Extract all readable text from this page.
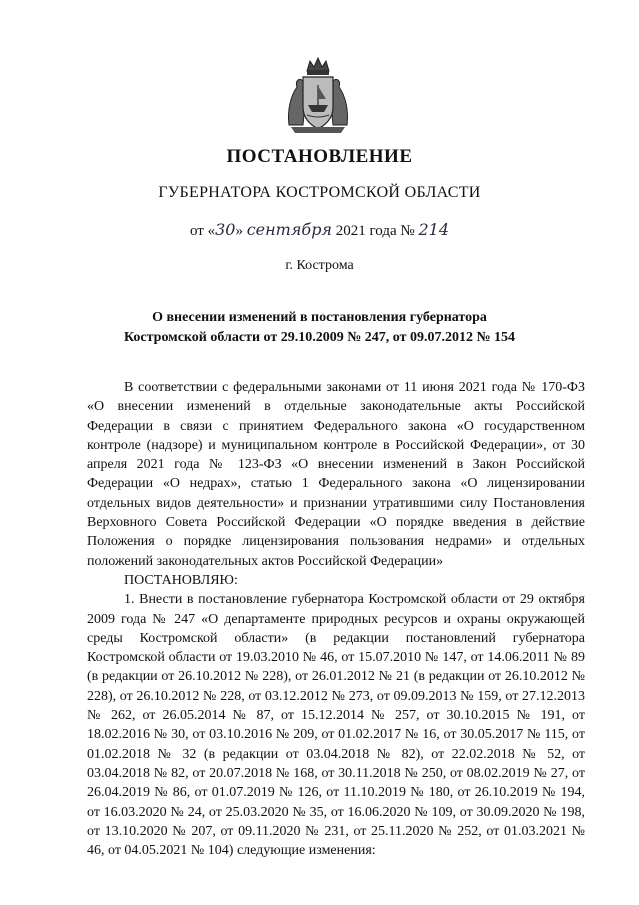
ПОСТАНОВЛЕНИЕ
ГУБЕРНАТОРА КОСТРОМСКОЙ ОБЛАСТИ
от «30» сентября 2021 года № 214
г. Кострома
О внесении изменений в постановления губернатора
Костромской области от 29.10.2009 № 247, от 09.07.2012 № 154

В соответствии с федеральными законами от 11 июня 2021 года № 170-ФЗ «О внесении изменений в отдельные законодательные акты Российской Федерации в связи с принятием Федерального закона «О государственном контроле (надзоре) и муниципальном контроле в Российской Федерации», от 30 апреля 2021 года № 123-ФЗ «О внесении изменений в Закон Российской Федерации «О недрах», статью 1 Федерального закона «О лицензировании отдельных видов деятельности» и признании утратившими силу Постановления Верховного Совета Российской Федерации «О порядке введения в действие Положения о порядке лицензирования пользования недрами» и отдельных положений законодательных актов Российской Федерации»

ПОСТАНОВЛЯЮ:

1. Внести в постановление губернатора Костромской области от 29 октября 2009 года № 247 «О департаменте природных ресурсов и охраны окружающей среды Костромской области» (в редакции постановлений губернатора Костромской области от 19.03.2010 № 46, от 15.07.2010 № 147, от 14.06.2011 № 89 (в редакции от 26.10.2012 № 228), от 26.01.2012 № 21 (в редакции от 26.10.2012 № 228), от 26.10.2012 № 228, от 03.12.2012 № 273, от 09.09.2013 № 159, от 27.12.2013 № 262, от 26.05.2014 № 87, от 15.12.2014 № 257, от 30.10.2015 № 191, от 18.02.2016 № 30, от 03.10.2016 № 209, от 01.02.2017 № 16, от 30.05.2017 № 115, от 01.02.2018 № 32 (в редакции от 03.04.2018 № 82), от 22.02.2018 № 52, от 03.04.2018 № 82, от 20.07.2018 № 168, от 30.11.2018 № 250, от 08.02.2019 № 27, от 26.04.2019 № 86, от 01.07.2019 № 126, от 11.10.2019 № 180, от 26.10.2019 № 194, от 16.03.2020 № 24, от 25.03.2020 № 35, от 16.06.2020 № 109, от 30.09.2020 № 198, от 13.10.2020 № 207, от 09.11.2020 № 231, от 25.11.2020 № 252, от 01.03.2021 № 46, от 04.05.2021 № 104) следующие изменения:
